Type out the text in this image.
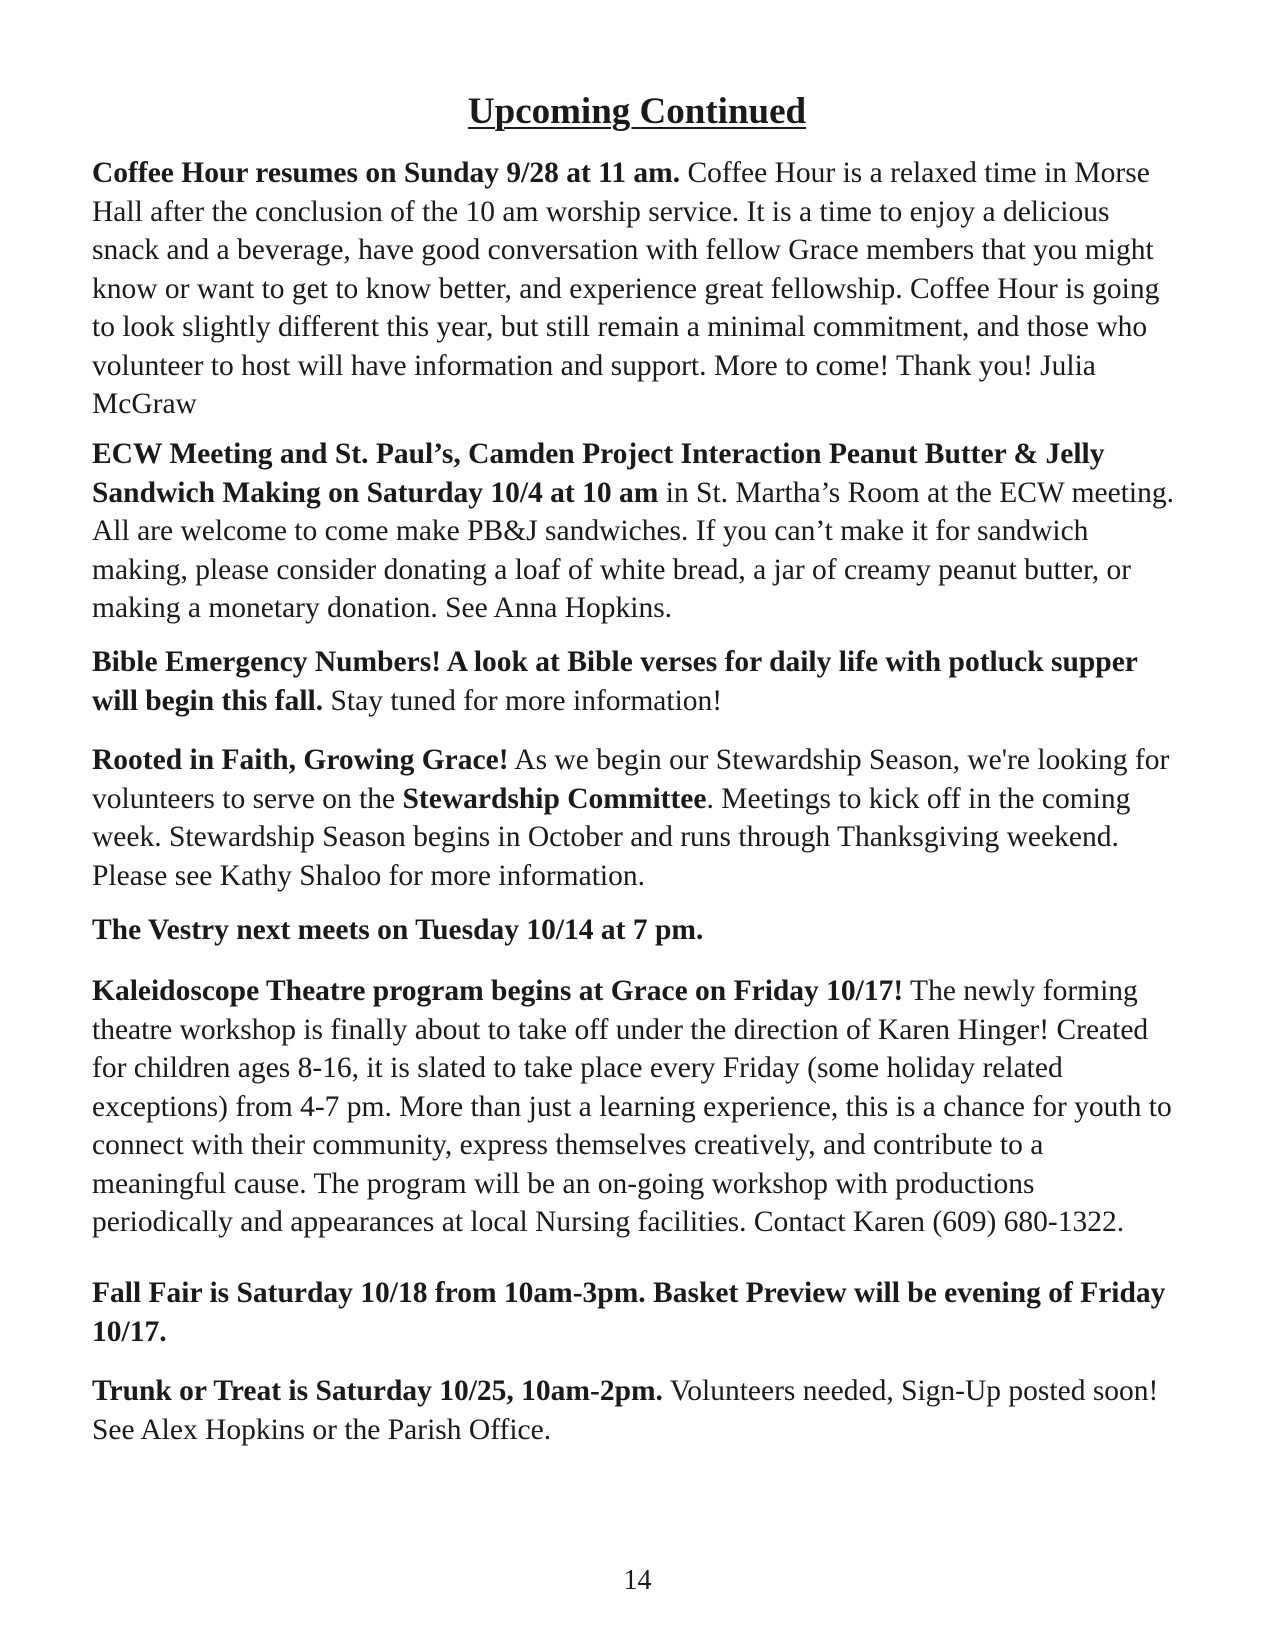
Upcoming Continued

Coffee Hour resumes on Sunday 9/28 at 11 am. Coffee Hour is a relaxed time in Morse Hall after the conclusion of the 10 am worship service. It is a time to enjoy a delicious snack and a beverage, have good conversation with fellow Grace members that you might know or want to get to know better, and experience great fellowship. Coffee Hour is going to look slightly different this year, but still remain a minimal commitment, and those who volunteer to host will have information and support. More to come! Thank you! Julia McGraw

ECW Meeting and St. Paul’s, Camden Project Interaction Peanut Butter & Jelly Sandwich Making on Saturday 10/4 at 10 am in St. Martha’s Room at the ECW meeting. All are welcome to come make PB&J sandwiches. If you can’t make it for sandwich making, please consider donating a loaf of white bread, a jar of creamy peanut butter, or making a monetary donation. See Anna Hopkins.

Bible Emergency Numbers! A look at Bible verses for daily life with potluck supper will begin this fall. Stay tuned for more information!

Rooted in Faith, Growing Grace! As we begin our Stewardship Season, we're looking for volunteers to serve on the Stewardship Committee. Meetings to kick off in the coming week. Stewardship Season begins in October and runs through Thanksgiving weekend. Please see Kathy Shaloo for more information.

The Vestry next meets on Tuesday 10/14 at 7 pm.

Kaleidoscope Theatre program begins at Grace on Friday 10/17! The newly forming theatre workshop is finally about to take off under the direction of Karen Hinger! Created for children ages 8-16, it is slated to take place every Friday (some holiday related exceptions) from 4-7 pm. More than just a learning experience, this is a chance for youth to connect with their community, express themselves creatively, and contribute to a meaningful cause. The program will be an on-going workshop with productions periodically and appearances at local Nursing facilities. Contact Karen (609) 680-1322.

Fall Fair is Saturday 10/18 from 10am-3pm. Basket Preview will be evening of Friday 10/17.

Trunk or Treat is Saturday 10/25, 10am-2pm. Volunteers needed, Sign-Up posted soon! See Alex Hopkins or the Parish Office.

14
